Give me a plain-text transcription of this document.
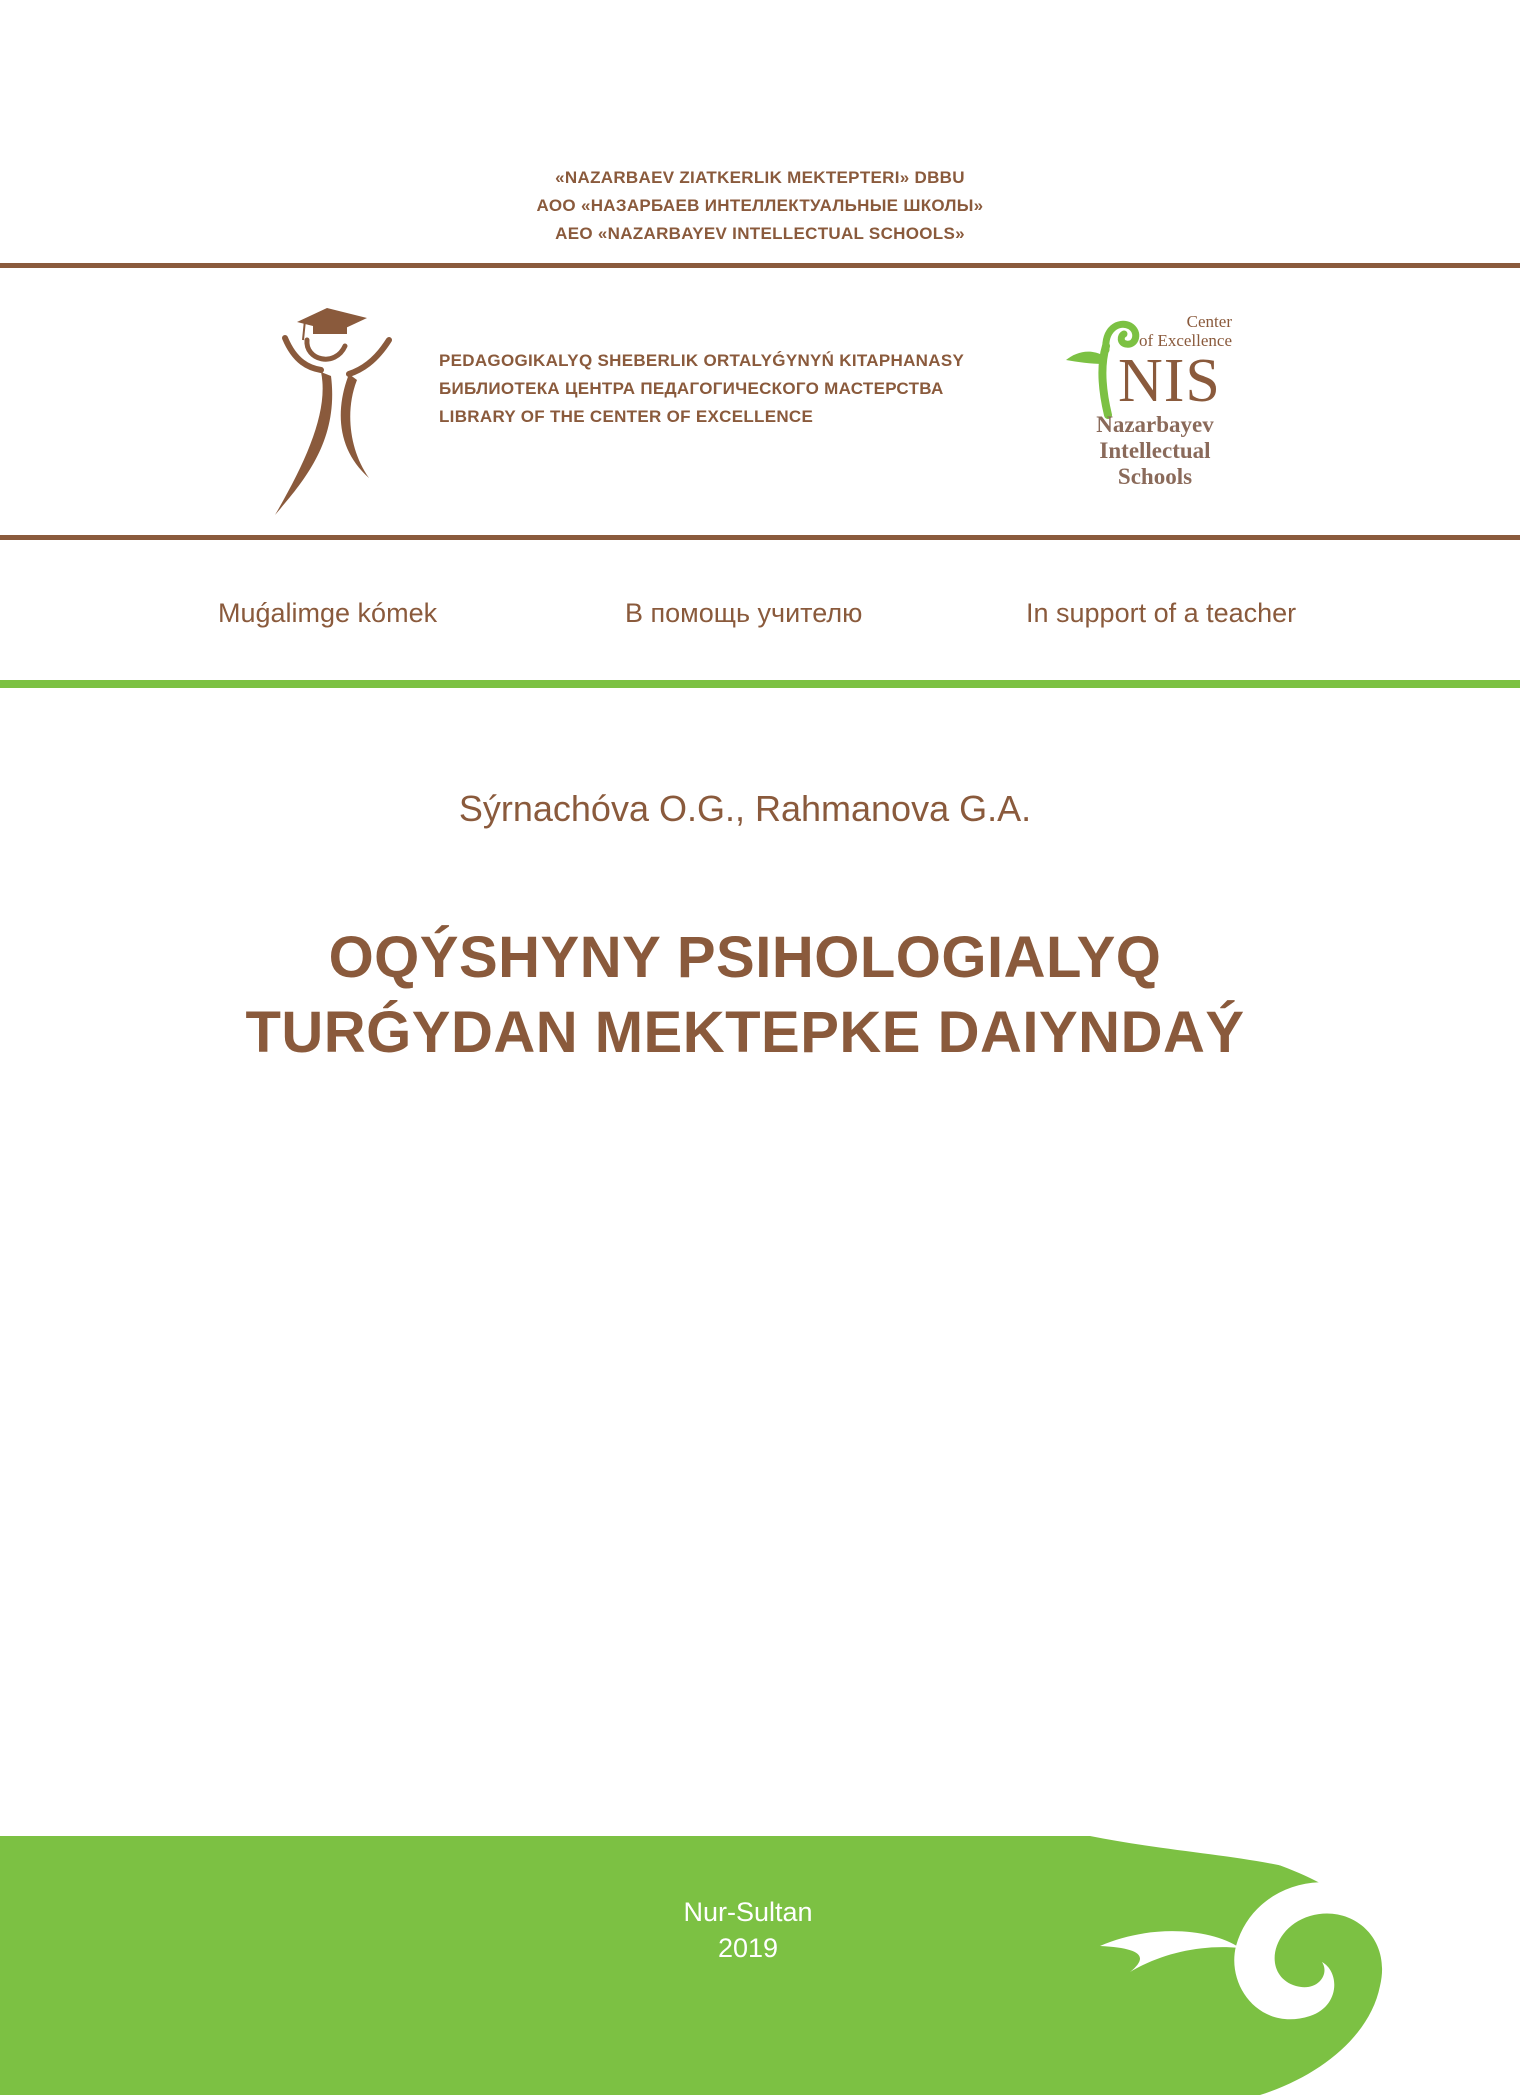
«NAZARBAEV ZIATKERLIK MEKTEPTERI» DBBU
АОО «НАЗАРБАЕВ ИНТЕЛЛЕКТУАЛЬНЫЕ ШКОЛЫ»
AEO «NAZARBAYEV INTELLECTUAL SCHOOLS»
PEDAGOGIKALYQ SHEBERLIK ORTALYǴYNYŃ KITAPHANASY
БИБЛИОТЕКА ЦЕНТРА ПЕДАГОГИЧЕСКОГО МАСТЕРСТВА
LIBRARY OF THE CENTER OF EXCELLENCE
Center
of Excellence
NIS
Nazarbayev
Intellectual
Schools
Muǵalimge kómek	В помощь учителю	In support of a teacher
Sýrnachóva O.G., Rahmanova G.A.
OQÝSHYNY PSIHOLOGIALYQ
TURǴYDAN MEKTEPKE DAIYNDAÝ
Nur-Sultan
2019
